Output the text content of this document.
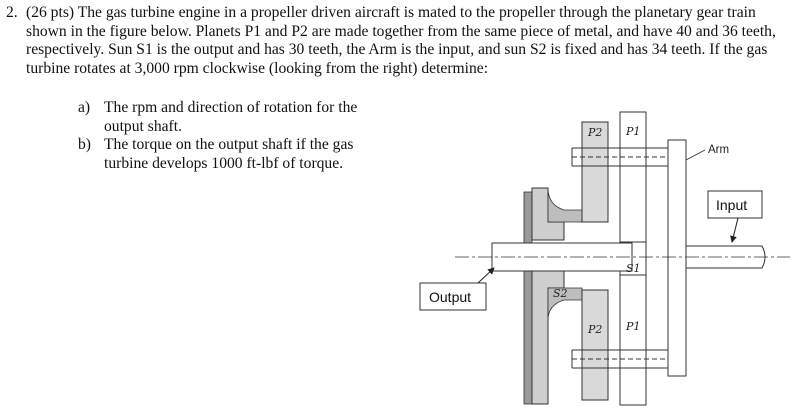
2. (26 pts) The gas turbine engine in a propeller driven aircraft is mated to the propeller through the planetary gear train shown in the figure below. Planets P1 and P2 are made together from the same piece of metal, and have 40 and 36 teeth, respectively. Sun S1 is the output and has 30 teeth, the Arm is the input, and sun S2 is fixed and has 34 teeth. If the gas turbine rotates at 3,000 rpm clockwise (looking from the right) determine:
a) The rpm and direction of rotation for the output shaft.
b) The torque on the output shaft if the gas turbine develops 1000 ft-lbf of torque.
P2 P1
S1
S2
P2 P1
Arm
Input
Output
